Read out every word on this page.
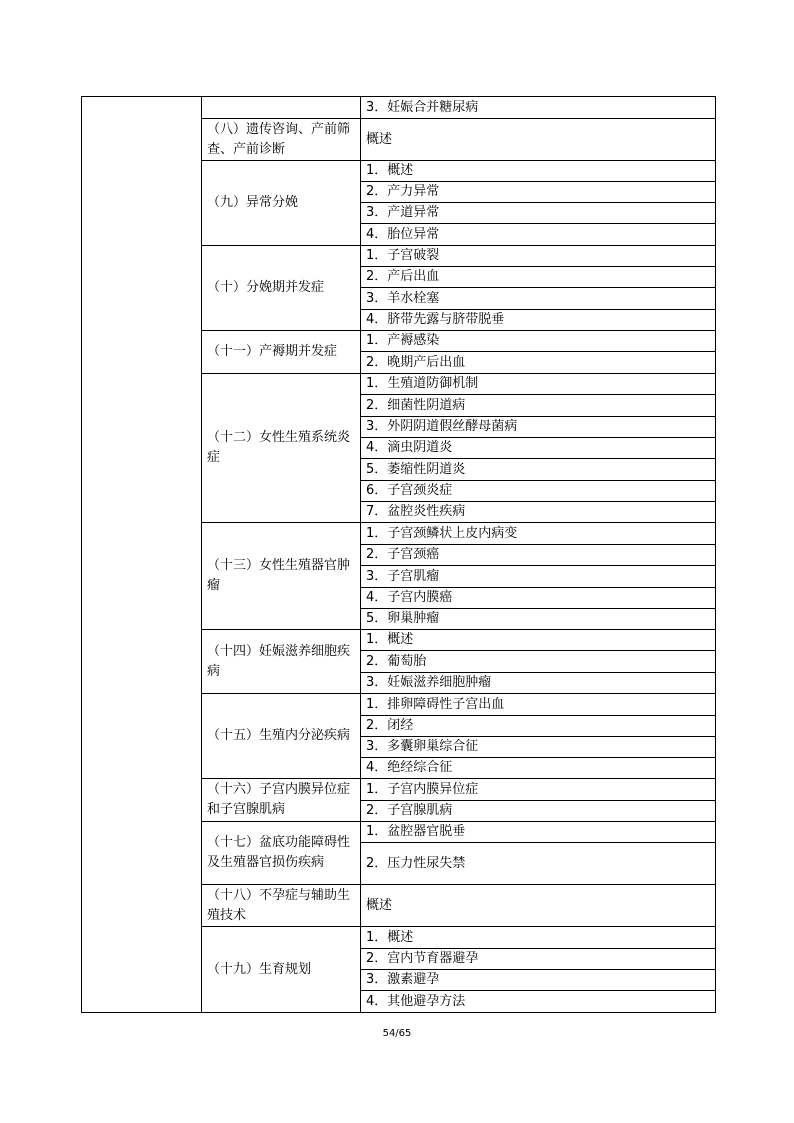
		3．妊娠合并糖尿病
	（八）遗传咨询、产前筛查、产前诊断	概述
	（九）异常分娩	1．概述
		2．产力异常
		3．产道异常
		4．胎位异常
	（十）分娩期并发症	1．子宫破裂
		2．产后出血
		3．羊水栓塞
		4．脐带先露与脐带脱垂
	（十一）产褥期并发症	1．产褥感染
		2．晚期产后出血
	（十二）女性生殖系统炎症	1．生殖道防御机制
		2．细菌性阴道病
		3．外阴阴道假丝酵母菌病
		4．滴虫阴道炎
		5．萎缩性阴道炎
		6．子宫颈炎症
		7．盆腔炎性疾病
	（十三）女性生殖器官肿瘤	1．子宫颈鳞状上皮内病变
		2．子宫颈癌
		3．子宫肌瘤
		4．子宫内膜癌
		5．卵巢肿瘤
	（十四）妊娠滋养细胞疾病	1．概述
		2．葡萄胎
		3．妊娠滋养细胞肿瘤
	（十五）生殖内分泌疾病	1．排卵障碍性子宫出血
		2．闭经
		3．多囊卵巢综合征
		4．绝经综合征
	（十六）子宫内膜异位症和子宫腺肌病	1．子宫内膜异位症
		2．子宫腺肌病
	（十七）盆底功能障碍性及生殖器官损伤疾病	1．盆腔器官脱垂
		2．压力性尿失禁
	（十八）不孕症与辅助生殖技术	概述
	（十九）生育规划	1．概述
		2．宫内节育器避孕
		3．激素避孕
		4．其他避孕方法
54/65
